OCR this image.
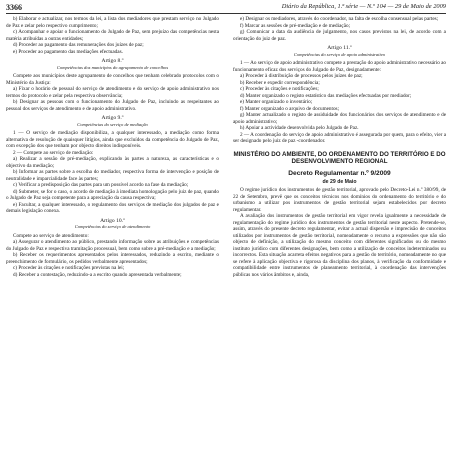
3366	Diário da República, 1.ª série — N.º 104 — 29 de Maio de 2009

b) Elaborar e actualizar, nos termos da lei, a lista dos mediadores que prestam serviço no Julgado de Paz e zelar pelo respectivo cumprimento;

c) Acompanhar e apoiar o funcionamento do Julgado de Paz, sem prejuízo das competências nesta matéria atribuídas a outras entidades;

d) Proceder ao pagamento das remunerações dos juízes de paz;

e) Proceder ao pagamento das mediações efectuadas.

Artigo 8.º

Competências dos municípios do agrupamento de concelhos

Compete aos municípios deste agrupamento de concelhos que tenham celebrado protocolos com o Ministério da Justiça:

a) Fixar o horário de pessoal do serviço de atendimento e do serviço de apoio administrativo nos termos do protocolo e zelar pela respectiva observância;

b) Designar as pessoas com o funcionamento do Julgado de Paz, incluindo as respeitantes ao pessoal dos serviços de atendimento e de apoio administrativo.

Artigo 9.º

Competências do serviço de mediação

1 — O serviço de mediação disponibiliza, a qualquer interessado, a mediação como forma alternativa de resolução de quaisquer litígios, ainda que excluídos da competência do Julgado de Paz, com excepção dos que tenham por objecto direitos indisponíveis.

2 — Compete ao serviço de mediação:

a) Realizar a sessão de pré-mediação, explicando às partes a natureza, as características e o objectivo da mediação;

b) Informar as partes sobre a escolha do mediador, respectiva forma de intervenção e posição de neutralidade e imparcialidade face às partes;

c) Verificar a predisposição das partes para um possível acordo na fase da mediação;

d) Submeter, se for o caso, o acordo de mediação à imediata homologação pelo juiz de paz, quando o Julgado de Paz seja competente para a apreciação da causa respectiva;

e) Facultar, a qualquer interessado, o regulamento dos serviços de mediação dos julgados de paz e demais legislação conexa.

Artigo 10.º

Competências do serviço de atendimento

Compete ao serviço de atendimento:

a) Assegurar o atendimento ao público, prestando informação sobre as atribuições e competências do Julgado de Paz e respectiva tramitação processual, bem como sobre a pré-mediação e a mediação;

b) Receber os requerimentos apresentados pelos interessados, reduzindo a escrito, mediante o preenchimento de formulário, os pedidos verbalmente apresentados;

c) Proceder às citações e notificações previstas na lei;

d) Receber a contestação, reduzindo-a a escrito quando apresentada verbalmente;

e) Designar os mediadores, através do coordenador, na falta de escolha consensual pelas partes;

f) Marcar as sessões de pré-mediação e de mediação;

g) Comunicar a data da audiência de julgamento, nos casos previstos na lei, de acordo com a orientação do juiz de paz.

Artigo 11.º

Competências do serviço de apoio administrativo

1 — Ao serviço de apoio administrativo compete a prestação do apoio administrativo necessário ao funcionamento eficaz dos serviços do Julgado de Paz, designadamente:

a) Proceder à distribuição de processos pelos juízes de paz;

b) Receber e expedir correspondência;

c) Proceder às citações e notificações;

d) Manter organizado o registo estatístico das mediações efectuadas por mediador;

e) Manter organizado o inventário;

f) Manter organizado o arquivo de documentos;

g) Manter actualizado o registo de assiduidade dos funcionários dos serviços de atendimento e de apoio administrativo;

h) Apoiar a actividade desenvolvida pelo Julgado de Paz.

2 — A coordenação do serviço de apoio administrativo é assegurada por quem, para o efeito, vier a ser designado pelo juiz de paz -coordenador.

MINISTÉRIO DO AMBIENTE, DO ORDENAMENTO DO TERRITÓRIO E DO DESENVOLVIMENTO REGIONAL

Decreto Regulamentar n.º 9/2009

de 29 de Maio

O regime jurídico dos instrumentos de gestão territorial, aprovado pelo Decreto-Lei n.º 380/99, de 22 de Setembro, prevê que os conceitos técnicos nos domínios do ordenamento do território e do urbanismo a utilizar pos instrumentos de gestão territorial sejam estabelecidos por decreto regulamentar.

A avaliação dos instrumentos de gestão territorial em vigor revela igualmente a necessidade de regulamentação do regime jurídico dos instrumentos de gestão territorial neste aspecto. Pretende-se, assim, através do presente decreto regulamentar, evitar a actual dispersão e imprecisão de conceitos utilizados por instrumentos de gestão territorial, nomeadamente o recurso a expressões que não são objecto de definição, a utilização do mesmo conceito com diferentes significados ou do mesmo instituto jurídico com diferentes designações, bem como a utilização de conceitos indeterminados ou incorrectos. Esta situação acarreta efeitos negativos para a gestão do território, nomeadamente no que se refere à aplicação objectiva e rigorosa da disciplina dos planos, à verificação da conformidade e compatibilidade entre instrumentos de planeamento territorial, à coordenação das intervenções públicas nos vários âmbitos e, ainda,
